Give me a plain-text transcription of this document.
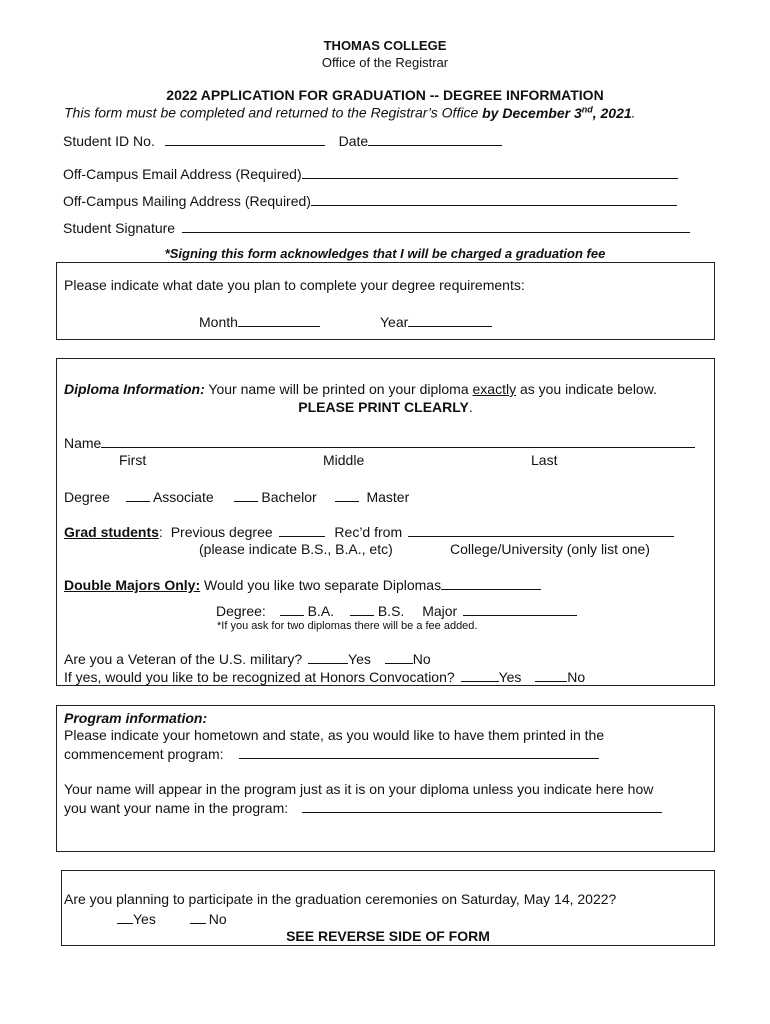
THOMAS COLLEGE
Office of the Registrar
2022 APPLICATION FOR GRADUATION -- DEGREE INFORMATION
This form must be completed and returned to the Registrar’s Office by December 3nd, 2021.
Student ID No.	Date
Off-Campus Email Address (Required)
Off-Campus Mailing Address (Required)
Student Signature
*Signing this form acknowledges that I will be charged a graduation fee
Please indicate what date you plan to complete your degree requirements:
Month	Year
Diploma Information: Your name will be printed on your diploma exactly as you indicate below.
PLEASE PRINT CLEARLY.
Name
First	Middle	Last
Degree	Associate	Bachelor	Master
Grad students: Previous degree	Rec’d from
(please indicate B.S., B.A., etc)	College/University (only list one)
Double Majors Only: Would you like two separate Diplomas
Degree:	B.A.	B.S. Major
*If you ask for two diplomas there will be a fee added.
Are you a Veteran of the U.S. military?	Yes	No
If yes, would you like to be recognized at Honors Convocation?	Yes	No
Program information:
Please indicate your hometown and state, as you would like to have them printed in the
commencement program:
Your name will appear in the program just as it is on your diploma unless you indicate here how
you want your name in the program:
Are you planning to participate in the graduation ceremonies on Saturday, May 14, 2022?
Yes	No
SEE REVERSE SIDE OF FORM
